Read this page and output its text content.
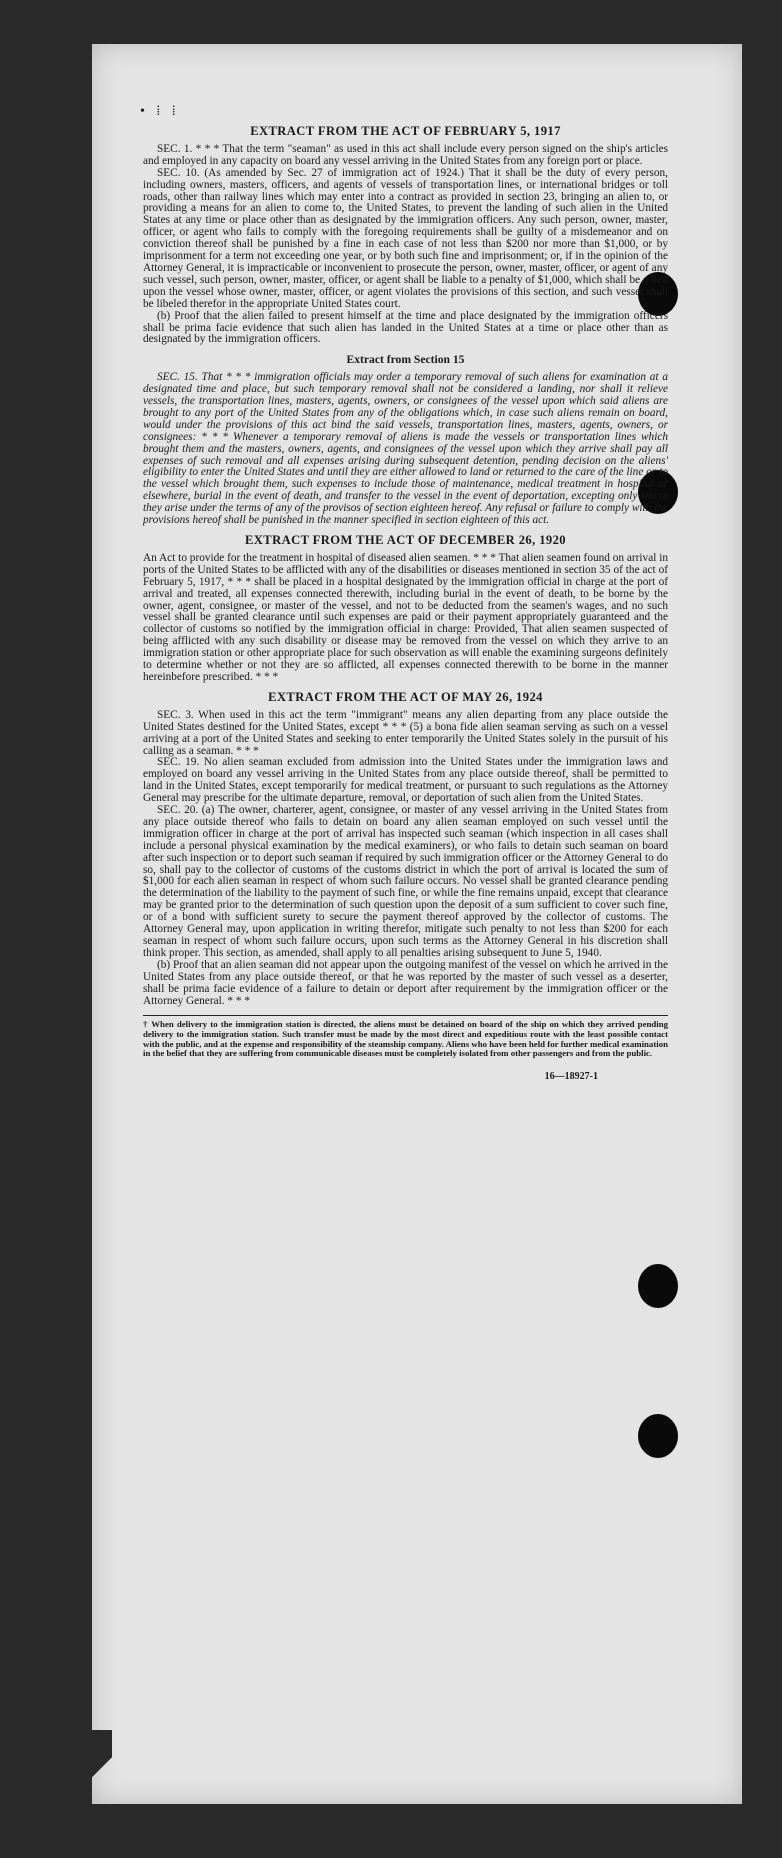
• ⁞ ⁞
EXTRACT FROM THE ACT OF FEBRUARY 5, 1917

SEC. 1. * * * That the term "seaman" as used in this act shall include every person signed on the ship's articles and employed in any capacity on board any vessel arriving in the United States from any foreign port or place.

SEC. 10. (As amended by Sec. 27 of immigration act of 1924.) That it shall be the duty of every person, including owners, masters, officers, and agents of vessels of transportation lines, or international bridges or toll roads, other than railway lines which may enter into a contract as provided in section 23, bringing an alien to, or providing a means for an alien to come to, the United States, to prevent the landing of such alien in the United States at any time or place other than as designated by the immigration officers. Any such person, owner, master, officer, or agent who fails to comply with the foregoing requirements shall be guilty of a misdemeanor and on conviction thereof shall be punished by a fine in each case of not less than $200 nor more than $1,000, or by imprisonment for a term not exceeding one year, or by both such fine and imprisonment; or, if in the opinion of the Attorney General, it is impracticable or inconvenient to prosecute the person, owner, master, officer, or agent of any such vessel, such person, owner, master, officer, or agent shall be liable to a penalty of $1,000, which shall be a lien upon the vessel whose owner, master, officer, or agent violates the provisions of this section, and such vessel shall be libeled therefor in the appropriate United States court.

(b) Proof that the alien failed to present himself at the time and place designated by the immigration officers shall be prima facie evidence that such alien has landed in the United States at a time or place other than as designated by the immigration officers.

Extract from Section 15

SEC. 15. That * * * immigration officials may order a temporary removal of such aliens for examination at a designated time and place, but such temporary removal shall not be considered a landing, nor shall it relieve vessels, the transportation lines, masters, agents, owners, or consignees of the vessel upon which said aliens are brought to any port of the United States from any of the obligations which, in case such aliens remain on board, would under the provisions of this act bind the said vessels, transportation lines, masters, agents, owners, or consignees: * * * Whenever a temporary removal of aliens is made the vessels or transportation lines which brought them and the masters, owners, agents, and consignees of the vessel upon which they arrive shall pay all expenses of such removal and all expenses arising during subsequent detention, pending decision on the aliens' eligibility to enter the United States and until they are either allowed to land or returned to the care of the line or to the vessel which brought them, such expenses to include those of maintenance, medical treatment in hospital or elsewhere, burial in the event of death, and transfer to the vessel in the event of deportation, excepting only where they arise under the terms of any of the provisos of section eighteen hereof. Any refusal or failure to comply with the provisions hereof shall be punished in the manner specified in section eighteen of this act.

EXTRACT FROM THE ACT OF DECEMBER 26, 1920

An Act to provide for the treatment in hospital of diseased alien seamen. * * * That alien seamen found on arrival in ports of the United States to be afflicted with any of the disabilities or diseases mentioned in section 35 of the act of February 5, 1917, * * * shall be placed in a hospital designated by the immigration official in charge at the port of arrival and treated, all expenses connected therewith, including burial in the event of death, to be borne by the owner, agent, consignee, or master of the vessel, and not to be deducted from the seamen's wages, and no such vessel shall be granted clearance until such expenses are paid or their payment appropriately guaranteed and the collector of customs so notified by the immigration official in charge: Provided, That alien seamen suspected of being afflicted with any such disability or disease may be removed from the vessel on which they arrive to an immigration station or other appropriate place for such observation as will enable the examining surgeons definitely to determine whether or not they are so afflicted, all expenses connected therewith to be borne in the manner hereinbefore prescribed. * * *

EXTRACT FROM THE ACT OF MAY 26, 1924

SEC. 3. When used in this act the term "immigrant" means any alien departing from any place outside the United States destined for the United States, except * * * (5) a bona fide alien seaman serving as such on a vessel arriving at a port of the United States and seeking to enter temporarily the United States solely in the pursuit of his calling as a seaman. * * *

SEC. 19. No alien seaman excluded from admission into the United States under the immigration laws and employed on board any vessel arriving in the United States from any place outside thereof, shall be permitted to land in the United States, except temporarily for medical treatment, or pursuant to such regulations as the Attorney General may prescribe for the ultimate departure, removal, or deportation of such alien from the United States.

SEC. 20. (a) The owner, charterer, agent, consignee, or master of any vessel arriving in the United States from any place outside thereof who fails to detain on board any alien seaman employed on such vessel until the immigration officer in charge at the port of arrival has inspected such seaman (which inspection in all cases shall include a personal physical examination by the medical examiners), or who fails to detain such seaman on board after such inspection or to deport such seaman if required by such immigration officer or the Attorney General to do so, shall pay to the collector of customs of the customs district in which the port of arrival is located the sum of $1,000 for each alien seaman in respect of whom such failure occurs. No vessel shall be granted clearance pending the determination of the liability to the payment of such fine, or while the fine remains unpaid, except that clearance may be granted prior to the determination of such question upon the deposit of a sum sufficient to cover such fine, or of a bond with sufficient surety to secure the payment thereof approved by the collector of customs. The Attorney General may, upon application in writing therefor, mitigate such penalty to not less than $200 for each seaman in respect of whom such failure occurs, upon such terms as the Attorney General in his discretion shall think proper. This section, as amended, shall apply to all penalties arising subsequent to June 5, 1940.

(b) Proof that an alien seaman did not appear upon the outgoing manifest of the vessel on which he arrived in the United States from any place outside thereof, or that he was reported by the master of such vessel as a deserter, shall be prima facie evidence of a failure to detain or deport after requirement by the immigration officer or the Attorney General. * * *

† When delivery to the immigration station is directed, the aliens must be detained on board of the ship on which they arrived pending delivery to the immigration station. Such transfer must be made by the most direct and expeditious route with the least possible contact with the public, and at the expense and responsibility of the steamship company. Aliens who have been held for further medical examination in the belief that they are suffering from communicable diseases must be completely isolated from other passengers and from the public.
16—18927-1
